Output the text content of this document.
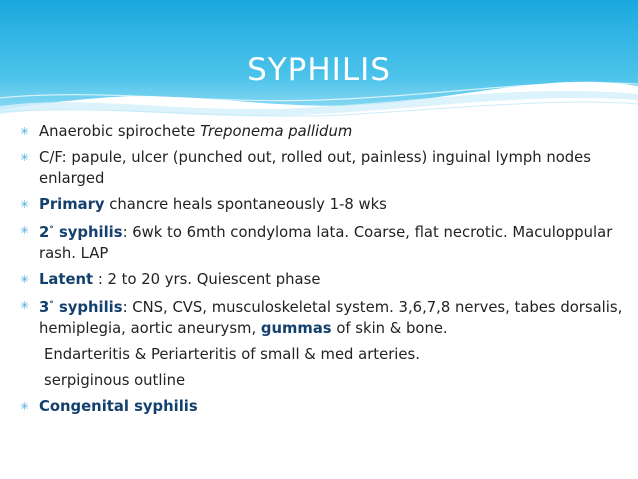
SYPHILIS
✳ Anaerobic spirochete Treponema pallidum
✳ C/F: papule, ulcer (punched out, rolled out, painless) inguinal lymph nodes enlarged
✳ Primary chancre heals spontaneously 1-8 wks
✳ 2° syphilis: 6wk to 6mth condyloma lata. Coarse, flat necrotic. Maculoppular rash. LAP
✳ Latent : 2 to 20 yrs. Quiescent phase
✳ 3° syphilis: CNS, CVS, musculoskeletal system. 3,6,7,8 nerves, tabes dorsalis, hemiplegia, aortic aneurysm, gummas of skin & bone.
Endarteritis & Periarteritis of small & med arteries.
serpiginous outline
✳ Congenital syphilis
